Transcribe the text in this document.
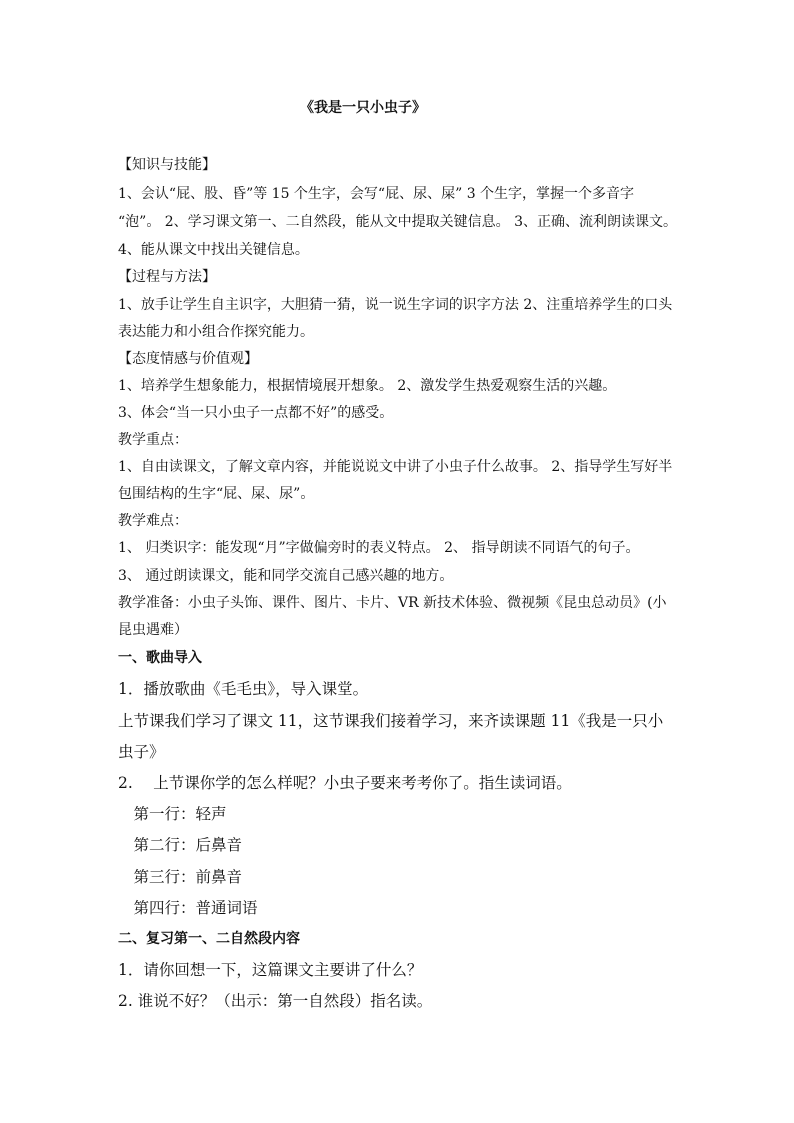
《我是一只小虫子》
【知识与技能】
1、会认“屁、股、昏”等 15 个生字，会写“屁、尿、屎” 3 个生字，掌握一个多音字
“泡”。 2、学习课文第一、二自然段，能从文中提取关键信息。 3、正确、流利朗读课文。
4、能从课文中找出关键信息。
【过程与方法】
1、放手让学生自主识字，大胆猜一猜，说一说生字词的识字方法 2、注重培养学生的口头
表达能力和小组合作探究能力。
【态度情感与价值观】
1、培养学生想象能力，根据情境展开想象。 2、激发学生热爱观察生活的兴趣。
3、体会“当一只小虫子一点都不好”的感受。
教学重点：
1、自由读课文，了解文章内容，并能说说文中讲了小虫子什么故事。 2、指导学生写好半
包围结构的生字“屁、屎、尿”。
教学难点：
1、 归类识字：能发现“月”字做偏旁时的表义特点。 2、 指导朗读不同语气的句子。
3、 通过朗读课文，能和同学交流自己感兴趣的地方。
教学准备：小虫子头饰、课件、图片、卡片、VR 新技术体验、微视频《昆虫总动员》(小
昆虫遇难）
一、歌曲导入
1．播放歌曲《毛毛虫》，导入课堂。
上节课我们学习了课文 11，这节课我们接着学习，来齐读课题 11《我是一只小
虫子》
2.　 上节课你学的怎么样呢？小虫子要来考考你了。指生读词语。
　第一行：轻声
　第二行：后鼻音
　第三行：前鼻音
　第四行：普通词语
二、复习第一、二自然段内容
1．请你回想一下，这篇课文主要讲了什么？
2. 谁说不好？（出示：第一自然段）指名读。
